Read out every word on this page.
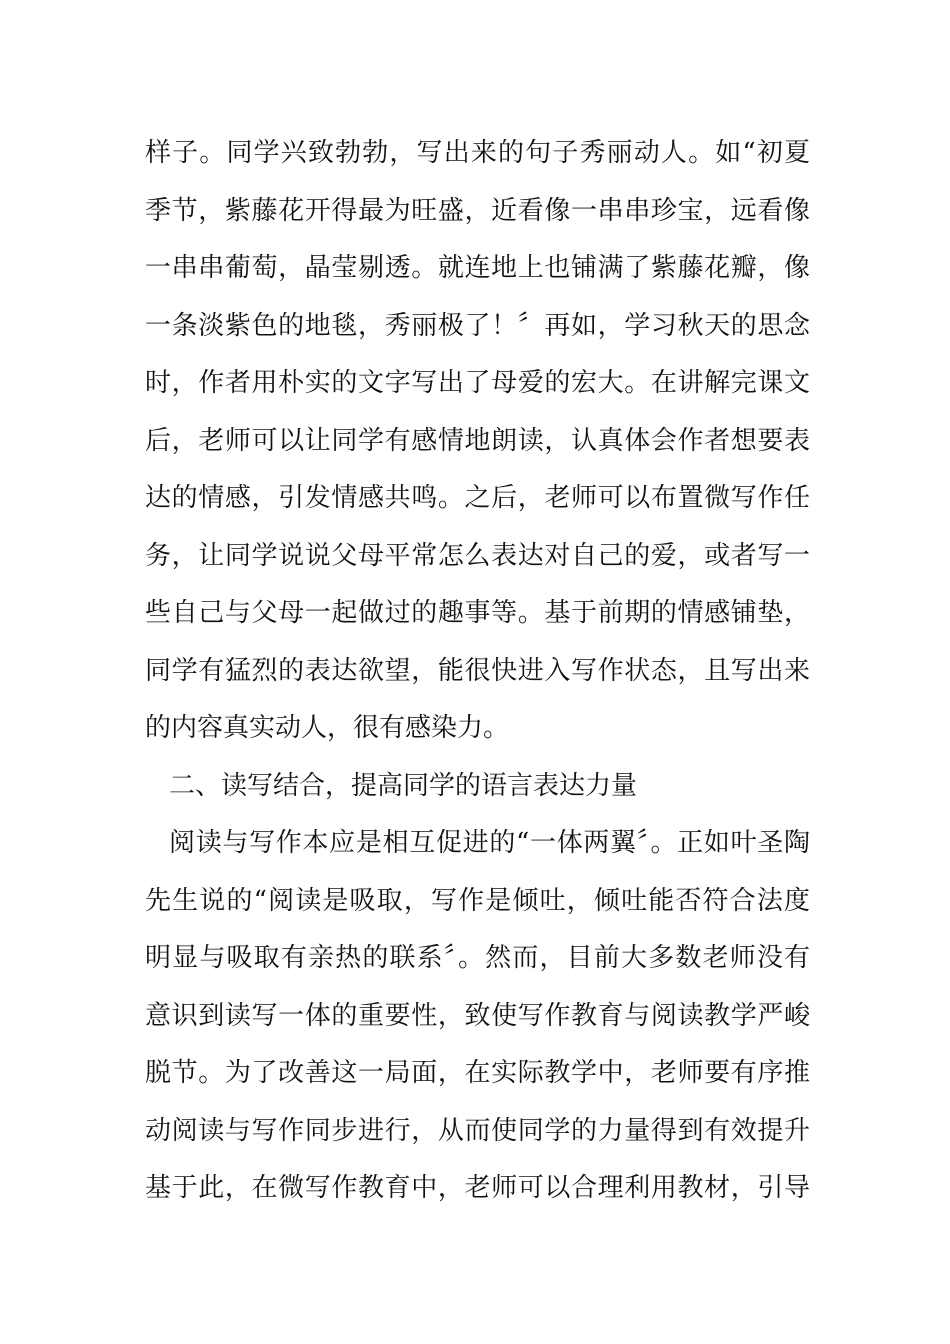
样子。同学兴致勃勃，写出来的句子秀丽动人。如“初夏
季节，紫藤花开得最为旺盛，近看像一串串珍宝，远看像
一串串葡萄，晶莹剔透。就连地上也铺满了紫藤花瓣，像
一条淡紫色的地毯，秀丽极了！〞再如，学习秋天的思念
时，作者用朴实的文字写出了母爱的宏大。在讲解完课文
后，老师可以让同学有感情地朗读，认真体会作者想要表
达的情感，引发情感共鸣。之后，老师可以布置微写作任
务，让同学说说父母平常怎么表达对自己的爱，或者写一
些自己与父母一起做过的趣事等。基于前期的情感铺垫，
同学有猛烈的表达欲望，能很快进入写作状态，且写出来
的内容真实动人，很有感染力。
二、读写结合，提高同学的语言表达力量
阅读与写作本应是相互促进的“一体两翼〞。正如叶圣陶
先生说的“阅读是吸取，写作是倾吐，倾吐能否符合法度
明显与吸取有亲热的联系〞。然而，目前大多数老师没有
意识到读写一体的重要性，致使写作教育与阅读教学严峻
脱节。为了改善这一局面，在实际教学中，老师要有序推
动阅读与写作同步进行，从而使同学的力量得到有效提升
基于此，在微写作教育中，老师可以合理利用教材，引导
